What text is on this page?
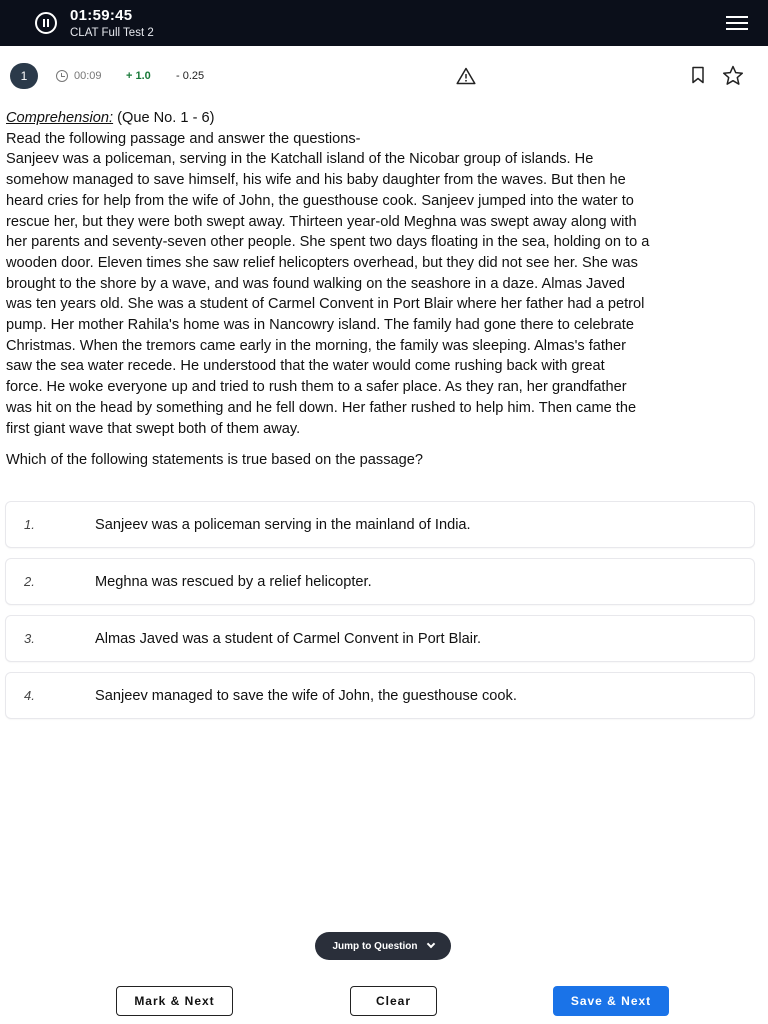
01:59:45
CLAT Full Test 2
1	00:09 + 1.0 - 0.25
Comprehension: (Que No. 1 - 6)
Read the following passage and answer the questions-
Sanjeev was a policeman, serving in the Katchall island of the Nicobar group of islands. He
somehow managed to save himself, his wife and his baby daughter from the waves. But then he
heard cries for help from the wife of John, the guesthouse cook. Sanjeev jumped into the water to
rescue her, but they were both swept away. Thirteen year-old Meghna was swept away along with
her parents and seventy-seven other people. She spent two days floating in the sea, holding on to a
wooden door. Eleven times she saw relief helicopters overhead, but they did not see her. She was
brought to the shore by a wave, and was found walking on the seashore in a daze. Almas Javed
was ten years old. She was a student of Carmel Convent in Port Blair where her father had a petrol
pump. Her mother Rahila's home was in Nancowry island. The family had gone there to celebrate
Christmas. When the tremors came early in the morning, the family was sleeping. Almas's father
saw the sea water recede. He understood that the water would come rushing back with great
force. He woke everyone up and tried to rush them to a safer place. As they ran, her grandfather
was hit on the head by something and he fell down. Her father rushed to help him. Then came the
first giant wave that swept both of them away.
Which of the following statements is true based on the passage?
1.	Sanjeev was a policeman serving in the mainland of India.
2.	Meghna was rescued by a relief helicopter.
3.	Almas Javed was a student of Carmel Convent in Port Blair.
4.	Sanjeev managed to save the wife of John, the guesthouse cook.
Jump to Question
Mark & Next	Clear	Save & Next
